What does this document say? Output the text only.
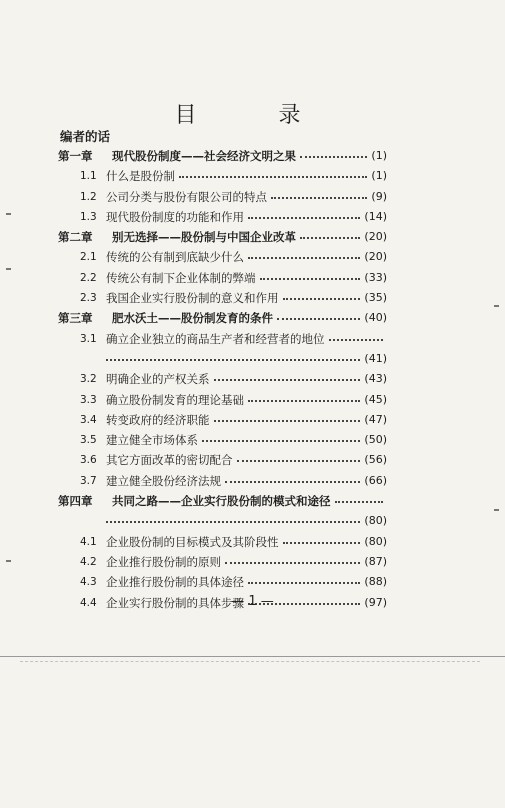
目　录
编者的话
第一章	现代股份制度——社会经济文明之果	(1)
1.1 什么是股份制	(1)
1.2 公司分类与股份有限公司的特点	(9)
1.3 现代股份制度的功能和作用	(14)
第二章	别无选择——股份制与中国企业改革	(20)
2.1 传统的公有制到底缺少什么	(20)
2.2 传统公有制下企业体制的弊端	(33)
2.3 我国企业实行股份制的意义和作用	(35)
第三章	肥水沃土——股份制发育的条件	(40)
3.1 确立企业独立的商品生产者和经营者的地位
(41)
3.2 明确企业的产权关系	(43)
3.3 确立股份制发育的理论基础	(45)
3.4 转变政府的经济职能	(47)
3.5 建立健全市场体系	(50)
3.6 其它方面改革的密切配合	(56)
3.7 建立健全股份经济法规	(66)
第四章	共同之路——企业实行股份制的模式和途径
(80)
4.1 企业股份制的目标模式及其阶段性	(80)
4.2 企业推行股份制的原则	(87)
4.3 企业推行股份制的具体途径	(88)
4.4 企业实行股份制的具体步骤	(97)
— 1 —
